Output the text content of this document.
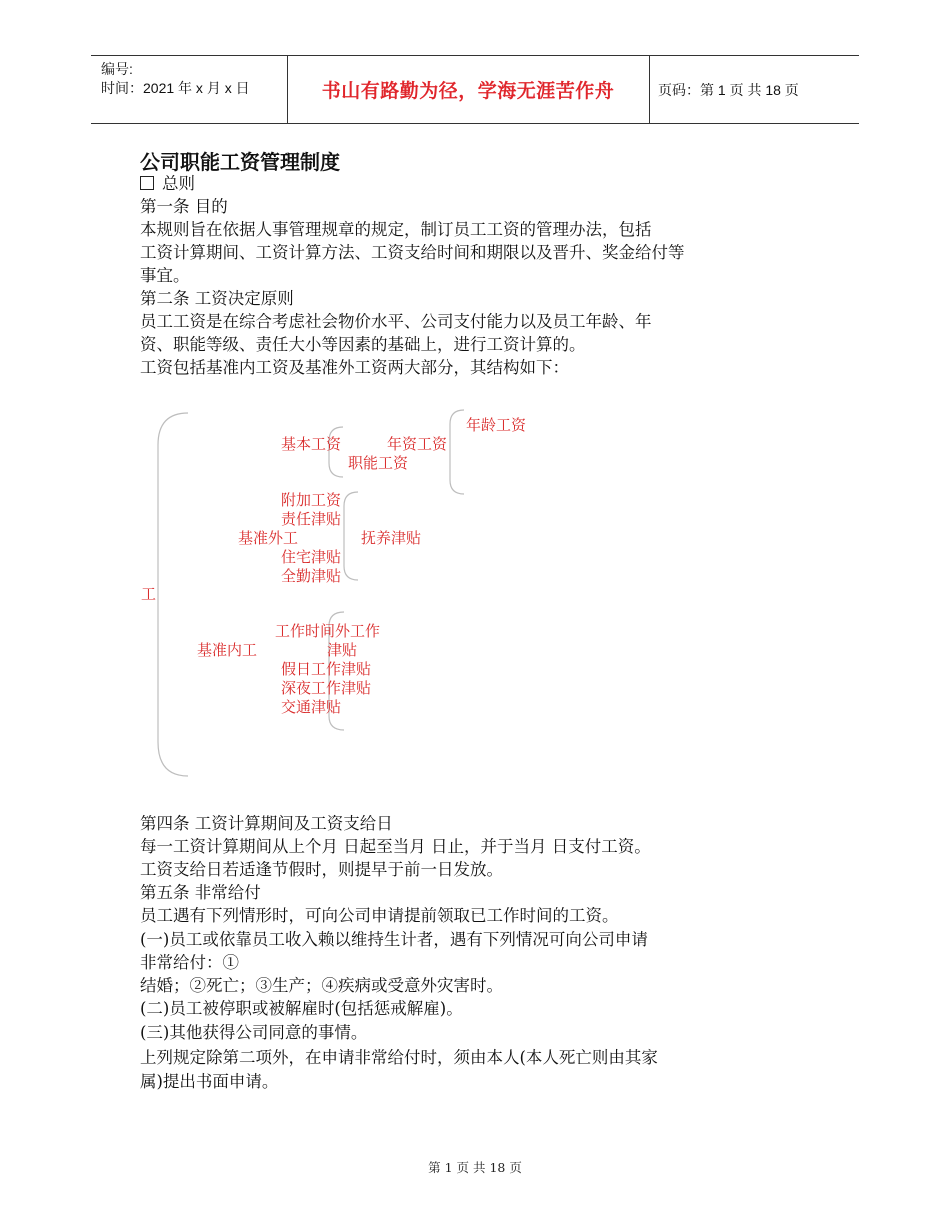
编号:
时间：2021 年 x 月 x 日	书山有路勤为径，学海无涯苦作舟	页码：第 1 页 共 18 页
公司职能工资管理制度
总则
第一条 目的
本规则旨在依据人事管理规章的规定，制订员工工资的管理办法，包括
工资计算期间、工资计算方法、工资支给时间和期限以及晋升、奖金给付等
事宜。
第二条 工资决定原则
员工工资是在综合考虑社会物价水平、公司支付能力以及员工年龄、年
资、职能等级、责任大小等因素的基础上，进行工资计算的。
工资包括基准内工资及基准外工资两大部分，其结构如下：
工
年龄工资
基本工资	年资工资
职能工资
附加工资
责任津贴
基准外工	抚养津贴
住宅津贴
全勤津贴
工作时间外工作
基准内工	津贴
假日工作津贴
深夜工作津贴
交通津贴
第四条 工资计算期间及工资支给日
每一工资计算期间从上个月 日起至当月 日止，并于当月 日支付工资。
工资支给日若适逢节假时，则提早于前一日发放。
第五条 非常给付
员工遇有下列情形时，可向公司申请提前领取已工作时间的工资。
(一)员工或依靠员工收入赖以维持生计者，遇有下列情况可向公司申请
非常给付：①
结婚；②死亡；③生产；④疾病或受意外灾害时。
(二)员工被停职或被解雇时(包括惩戒解雇)。
(三)其他获得公司同意的事情。
上列规定除第二项外，在申请非常给付时，须由本人(本人死亡则由其家
属)提出书面申请。
第 1 页 共 18 页
